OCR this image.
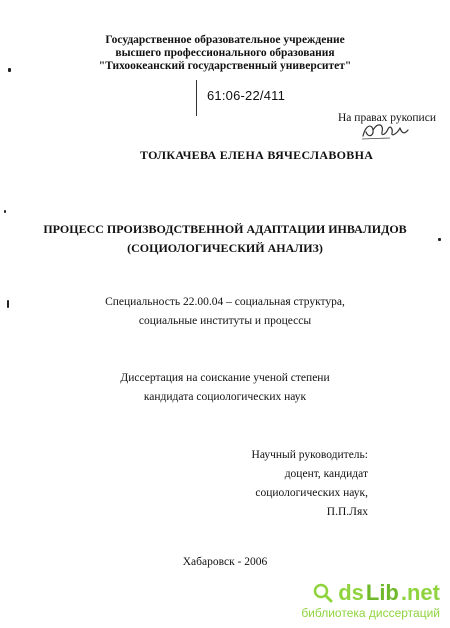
Государственное образовательное учреждение
высшего профессионального образования
"Тихоокеанский государственный университет"
61:06-22/411
На правах рукописи
ТОЛКАЧЕВА ЕЛЕНА ВЯЧЕСЛАВОВНА
ПРОЦЕСС ПРОИЗВОДСТВЕННОЙ АДАПТАЦИИ ИНВАЛИДОВ
(СОЦИОЛОГИЧЕСКИЙ АНАЛИЗ)
Специальность 22.00.04 – социальная структура,
социальные институты и процессы
Диссертация на соискание ученой степени
кандидата социологических наук
Научный руководитель:
доцент, кандидат
социологических наук,
П.П.Лях
Хабаровск - 2006
ds Lib .net
библиотека диссертаций
